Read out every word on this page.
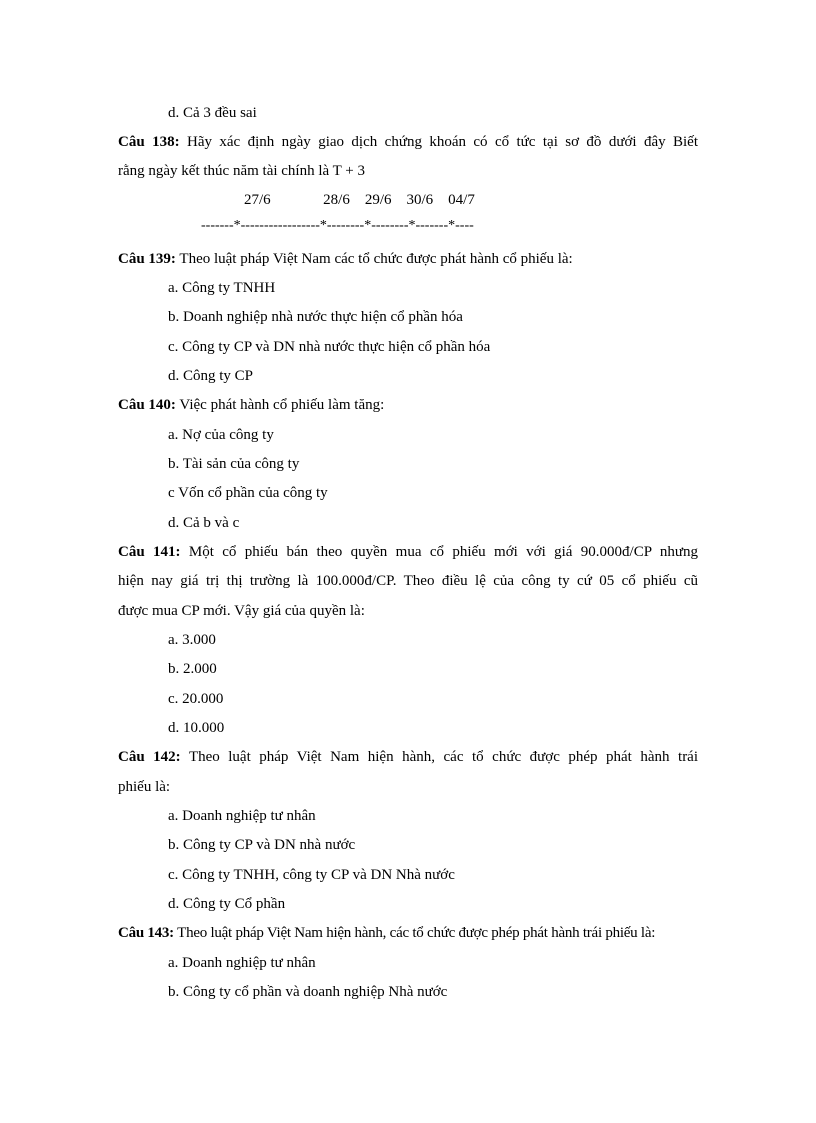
d. Cả 3 đều sai
Câu 138: Hãy xác định ngày giao dịch chứng khoán có cổ tức tại sơ đồ dưới đây Biết
rằng ngày kết thúc năm tài chính là T + 3
27/6              28/6    29/6    30/6    04/7
-------*-----------------*--------*--------*-------*----
Câu 139: Theo luật pháp Việt Nam các tổ chức được phát hành cổ phiếu là:
a. Công ty TNHH
b. Doanh nghiệp nhà nước thực hiện cổ phần hóa
c. Công ty CP và DN nhà nước thực hiện cổ phần hóa
d. Công ty CP
Câu 140: Việc phát hành cổ phiếu làm tăng:
a. Nợ của công ty
b. Tài sản của công ty
c Vốn cổ phần của công ty
d. Cả b và c
Câu 141: Một cổ phiếu bán theo quyền mua cổ phiếu mới với giá 90.000đ/CP nhưng
hiện nay giá trị thị trường là 100.000đ/CP. Theo điều lệ của công ty cứ 05 cổ phiếu cũ
được mua CP mới. Vậy giá của quyền là:
a. 3.000
b. 2.000
c. 20.000
d. 10.000
Câu 142: Theo luật pháp Việt Nam hiện hành, các tổ chức được phép phát hành trái
phiếu là:
a. Doanh nghiệp tư nhân
b. Công ty CP và DN nhà nước
c. Công ty TNHH, công ty CP và DN Nhà nước
d. Công ty Cổ phần
Câu 143: Theo luật pháp Việt Nam hiện hành, các tổ chức được phép phát hành trái phiếu là:
a. Doanh nghiệp tư nhân
b. Công ty cổ phần và doanh nghiệp Nhà nước
